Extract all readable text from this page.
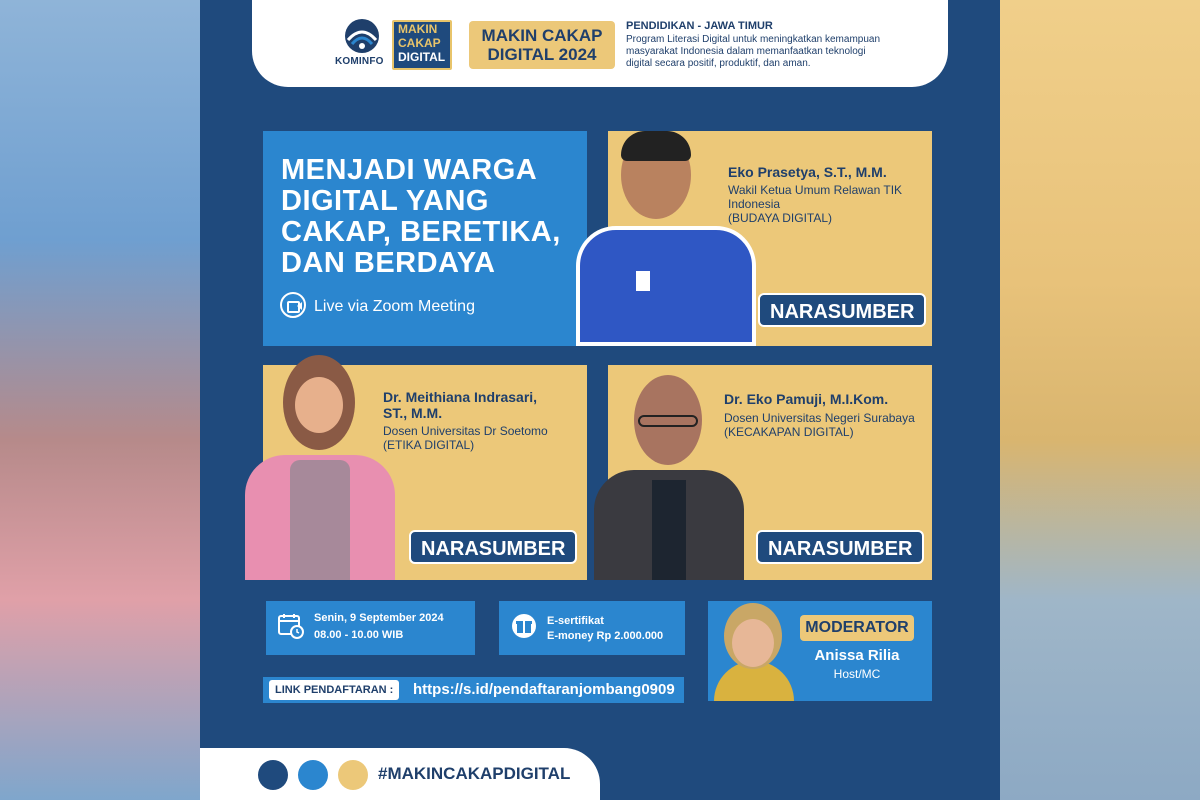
KOMINFO
MAKIN
CAKAP
DIGITAL
MAKIN CAKAP
DIGITAL 2024
PENDIDIKAN - JAWA TIMUR
Program Literasi Digital untuk meningkatkan kemampuan masyarakat Indonesia dalam memanfaatkan teknologi digital secara positif, produktif, dan aman.
MENJADI WARGA DIGITAL YANG CAKAP, BERETIKA, DAN BERDAYA
Live via Zoom Meeting
Eko Prasetya, S.T., M.M.
Wakil Ketua Umum Relawan TIK
Indonesia
(BUDAYA DIGITAL)
NARASUMBER
Dr. Meithiana Indrasari,
ST., M.M.
Dosen Universitas Dr Soetomo
(ETIKA DIGITAL)
NARASUMBER
Dr. Eko Pamuji, M.I.Kom.
Dosen Universitas Negeri Surabaya
(KECAKAPAN DIGITAL)
NARASUMBER
Senin, 9 September 2024
08.00 - 10.00 WIB
E-sertifikat
E-money Rp 2.000.000	MODERATOR
Anissa Rilia
Host/MC
LINK PENDAFTARAN :	https://s.id/pendaftaranjombang0909
#MAKINCAKAPDIGITAL
